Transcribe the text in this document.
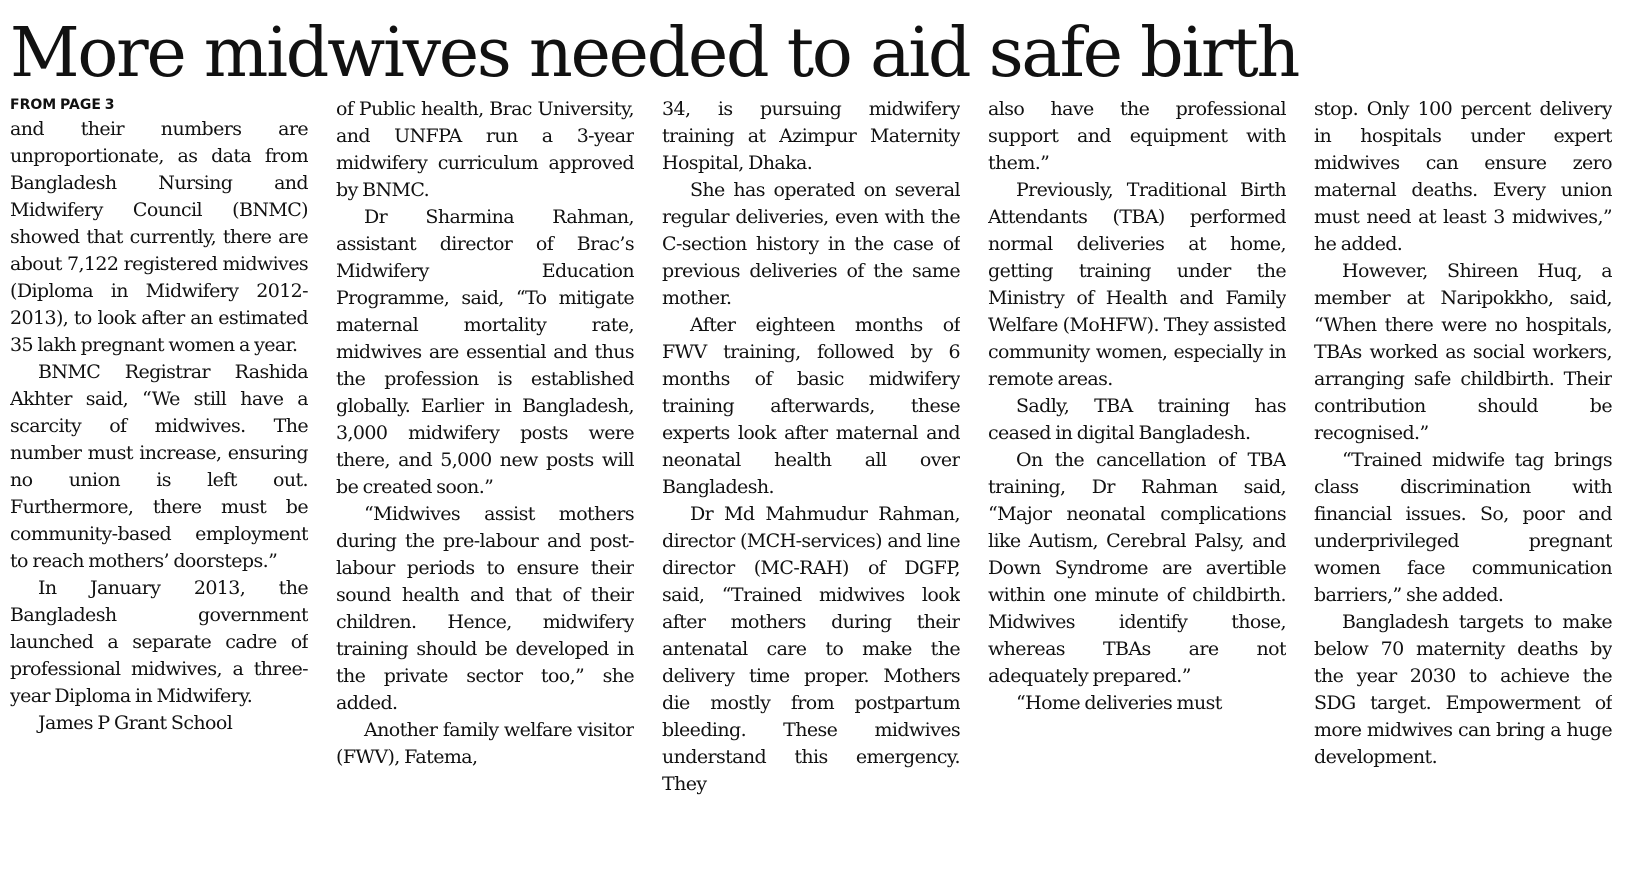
More midwives needed to aid safe birth
FROM PAGE 3

and their numbers are unproportionate, as data from Bangladesh Nursing and Midwifery Council (BNMC) showed that currently, there are about 7,122 registered midwives (Diploma in Midwifery 2012-2013), to look after an estimated 35 lakh pregnant women a year.

BNMC Registrar Rashida Akhter said, “We still have a scarcity of midwives. The number must increase, ensuring no union is left out. Furthermore, there must be community-based employment to reach mothers’ doorsteps.”

In January 2013, the Bangladesh government launched a separate cadre of professional midwives, a three-year Diploma in Midwifery.

James P Grant School

of Public health, Brac University, and UNFPA run a 3-year midwifery curriculum approved by BNMC.

Dr Sharmina Rahman, assistant director of Brac’s Midwifery Education Programme, said, “To mitigate maternal mortality rate, midwives are essential and thus the profession is established globally. Earlier in Bangladesh, 3,000 midwifery posts were there, and 5,000 new posts will be created soon.”

“Midwives assist mothers during the pre-labour and post-labour periods to ensure their sound health and that of their children. Hence, midwifery training should be developed in the private sector too,” she added.

Another family welfare visitor (FWV), Fatema,

34, is pursuing midwifery training at Azimpur Maternity Hospital, Dhaka.

She has operated on several regular deliveries, even with the C-section history in the case of previous deliveries of the same mother.

After eighteen months of FWV training, followed by 6 months of basic midwifery training afterwards, these experts look after maternal and neonatal health all over Bangladesh.

Dr Md Mahmudur Rahman, director (MCH-services) and line director (MC-RAH) of DGFP, said, “Trained midwives look after mothers during their antenatal care to make the delivery time proper. Mothers die mostly from postpartum bleeding. These midwives understand this emergency. They

also have the professional support and equipment with them.”

Previously, Traditional Birth Attendants (TBA) performed normal deliveries at home, getting training under the Ministry of Health and Family Welfare (MoHFW). They assisted community women, especially in remote areas.

Sadly, TBA training has ceased in digital Bangladesh.

On the cancellation of TBA training, Dr Rahman said, “Major neonatal complications like Autism, Cerebral Palsy, and Down Syndrome are avertible within one minute of childbirth. Midwives identify those, whereas TBAs are not adequately prepared.”

“Home deliveries must

stop. Only 100 percent delivery in hospitals under expert midwives can ensure zero maternal deaths. Every union must need at least 3 midwives,” he added.

However, Shireen Huq, a member at Naripokkho, said, “When there were no hospitals, TBAs worked as social workers, arranging safe childbirth. Their contribution should be recognised.”

“Trained midwife tag brings class discrimination with financial issues. So, poor and underprivileged pregnant women face communication barriers,” she added.

Bangladesh targets to make below 70 maternity deaths by the year 2030 to achieve the SDG target. Empowerment of more midwives can bring a huge development.
